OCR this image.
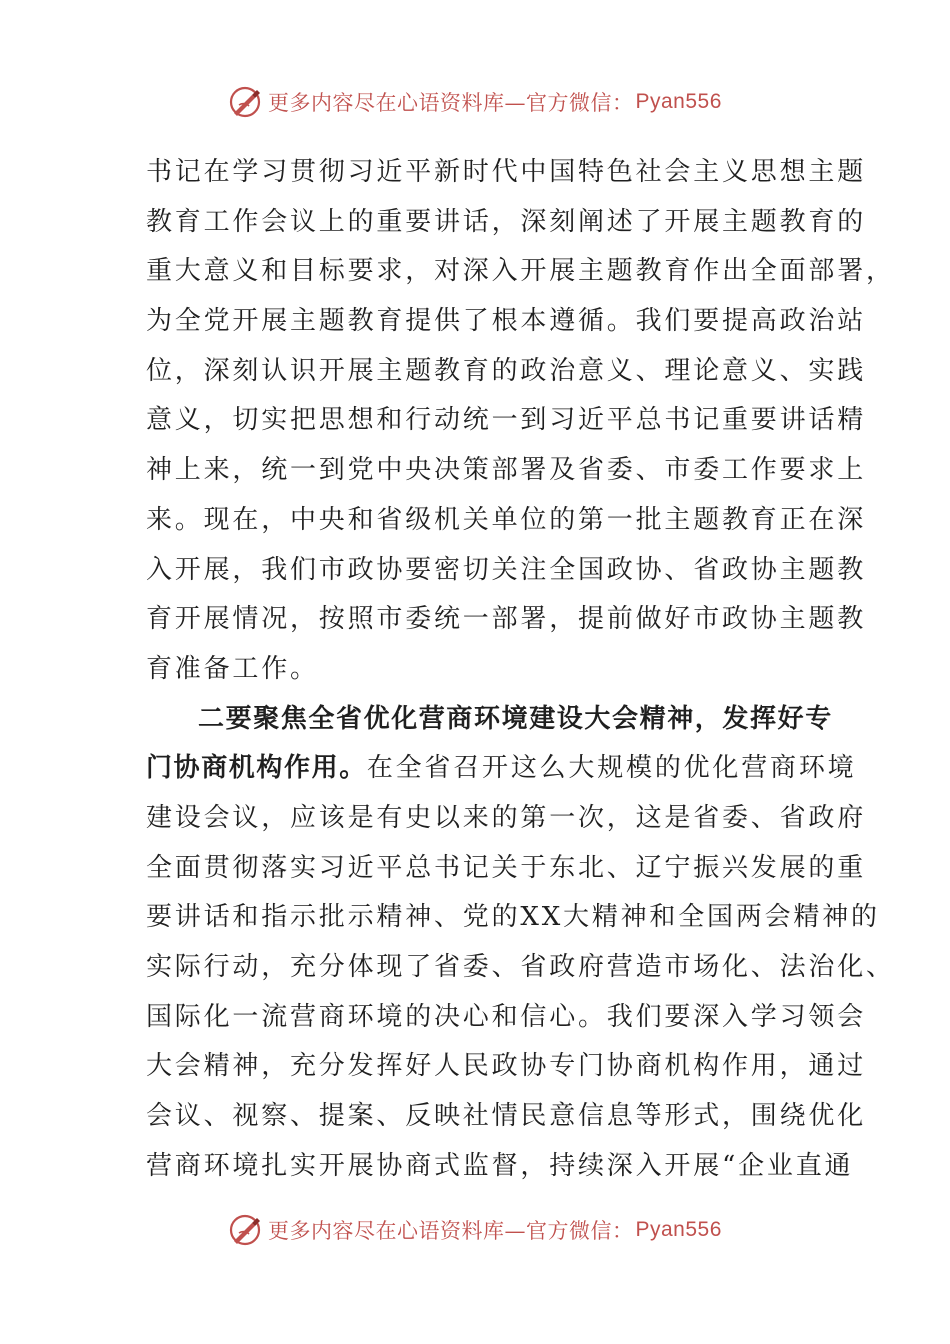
更多内容尽在心语资料库—官方微信： Pyan556
书记在学习贯彻习近平新时代中国特色社会主义思想主题
教育工作会议上的重要讲话，深刻阐述了开展主题教育的
重大意义和目标要求，对深入开展主题教育作出全面部署，
为全党开展主题教育提供了根本遵循。我们要提高政治站
位，深刻认识开展主题教育的政治意义、理论意义、实践
意义，切实把思想和行动统一到习近平总书记重要讲话精
神上来，统一到党中央决策部署及省委、市委工作要求上
来。现在，中央和省级机关单位的第一批主题教育正在深
入开展，我们市政协要密切关注全国政协、省政协主题教
育开展情况，按照市委统一部署，提前做好市政协主题教
育准备工作。
二要聚焦全省优化营商环境建设大会精神，发挥好专
门协商机构作用。在全省召开这么大规模的优化营商环境
建设会议，应该是有史以来的第一次，这是省委、省政府
全面贯彻落实习近平总书记关于东北、辽宁振兴发展的重
要讲话和指示批示精神、党的XX大精神和全国两会精神的
实际行动，充分体现了省委、省政府营造市场化、法治化、
国际化一流营商环境的决心和信心。我们要深入学习领会
大会精神，充分发挥好人民政协专门协商机构作用，通过
会议、视察、提案、反映社情民意信息等形式，围绕优化
营商环境扎实开展协商式监督，持续深入开展“企业直通
更多内容尽在心语资料库—官方微信： Pyan556
